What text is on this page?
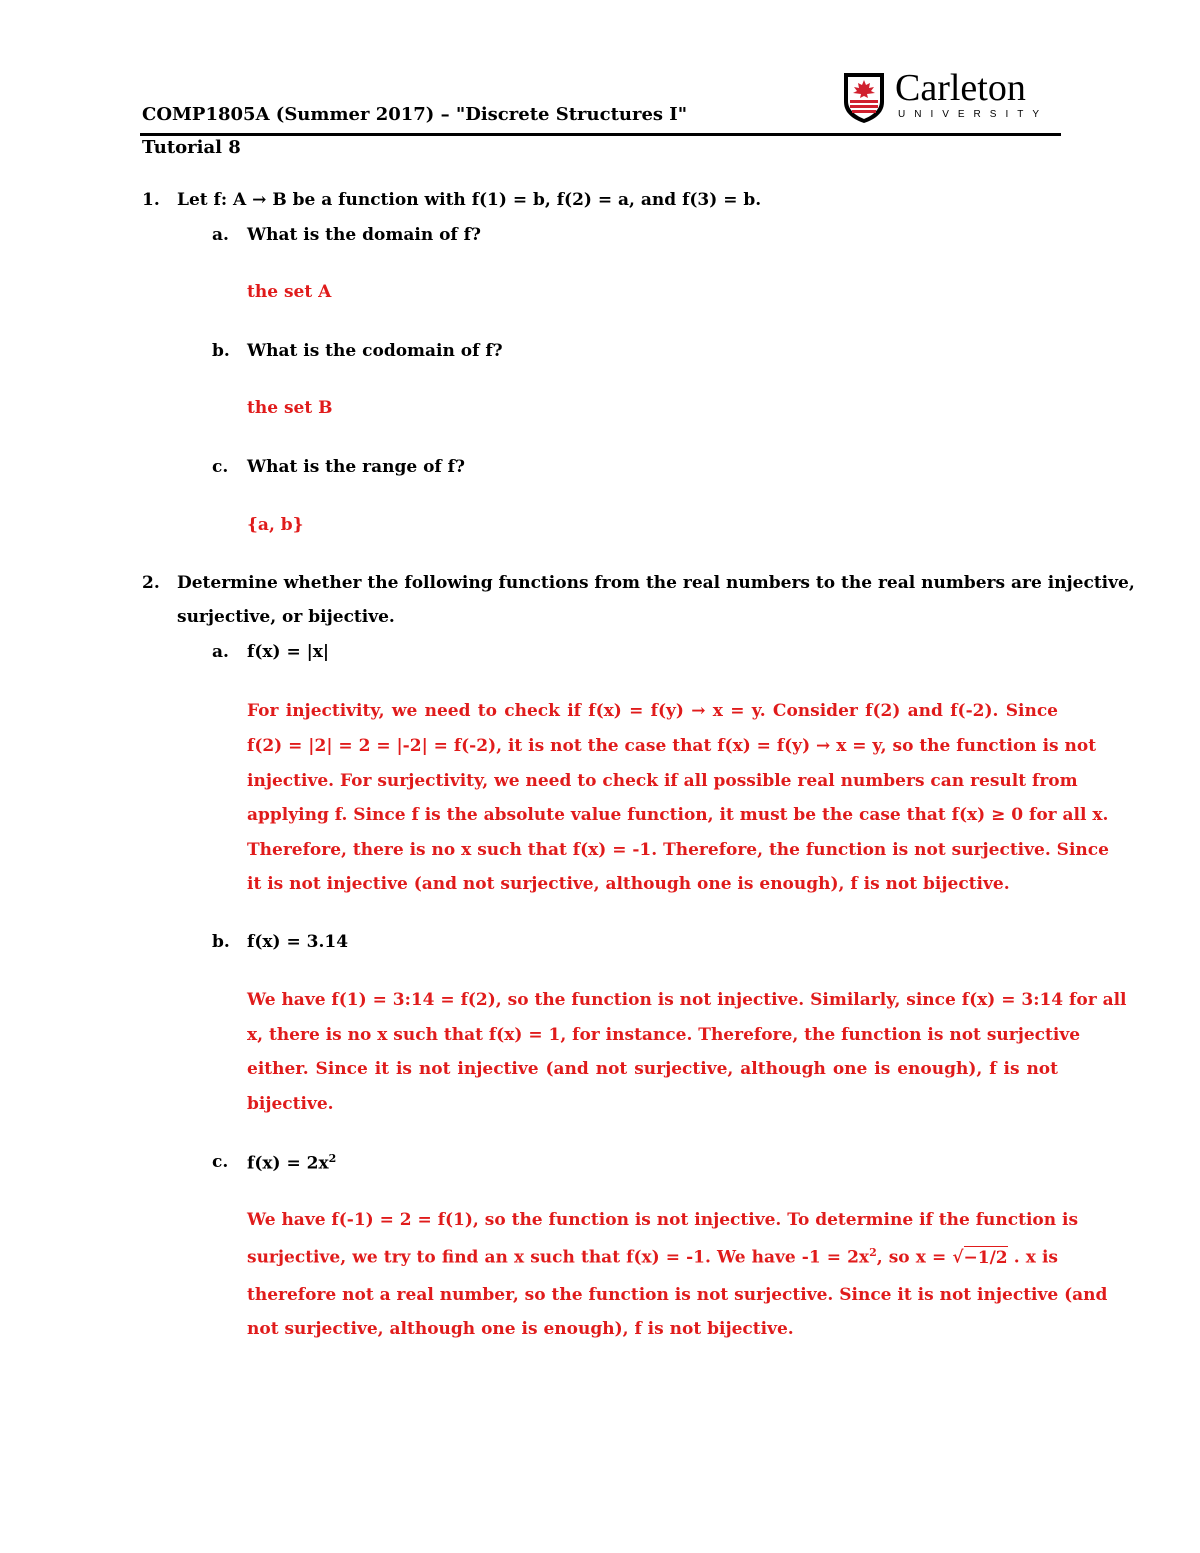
COMP1805A (Summer 2017) – "Discrete Structures I"
Tutorial 8
Carleton
UNIVERSITY
1. Let f: A → B be a function with f(1) = b, f(2) = a, and f(3) = b.
a. What is the domain of f?
the set A
b. What is the codomain of f?
the set B
c. What is the range of f?
{a, b}
2. Determine whether the following functions from the real numbers to the real numbers are injective,
surjective, or bijective.
a. f(x) = |x|
For injectivity, we need to check if f(x) = f(y) → x = y. Consider f(2) and f(-2). Since
f(2) = |2| = 2 = |-2| = f(-2), it is not the case that f(x) = f(y) → x = y, so the function is not
injective. For surjectivity, we need to check if all possible real numbers can result from
applying f. Since f is the absolute value function, it must be the case that f(x) ≥ 0 for all x.
Therefore, there is no x such that f(x) = -1. Therefore, the function is not surjective. Since
it is not injective (and not surjective, although one is enough), f is not bijective.
b. f(x) = 3.14
We have f(1) = 3:14 = f(2), so the function is not injective. Similarly, since f(x) = 3:14 for all
x, there is no x such that f(x) = 1, for instance. Therefore, the function is not surjective
either. Since it is not injective (and not surjective, although one is enough), f is not
bijective.
c. $f(x) = 2x^2$
We have f(-1) = 2 = f(1), so the function is not injective. To determine if the function is
surjective, we try to find an x such that f(x) = -1. We have $-1 = 2x^2$, so x = √−1/2 . x is
therefore not a real number, so the function is not surjective. Since it is not injective (and
not surjective, although one is enough), f is not bijective.
